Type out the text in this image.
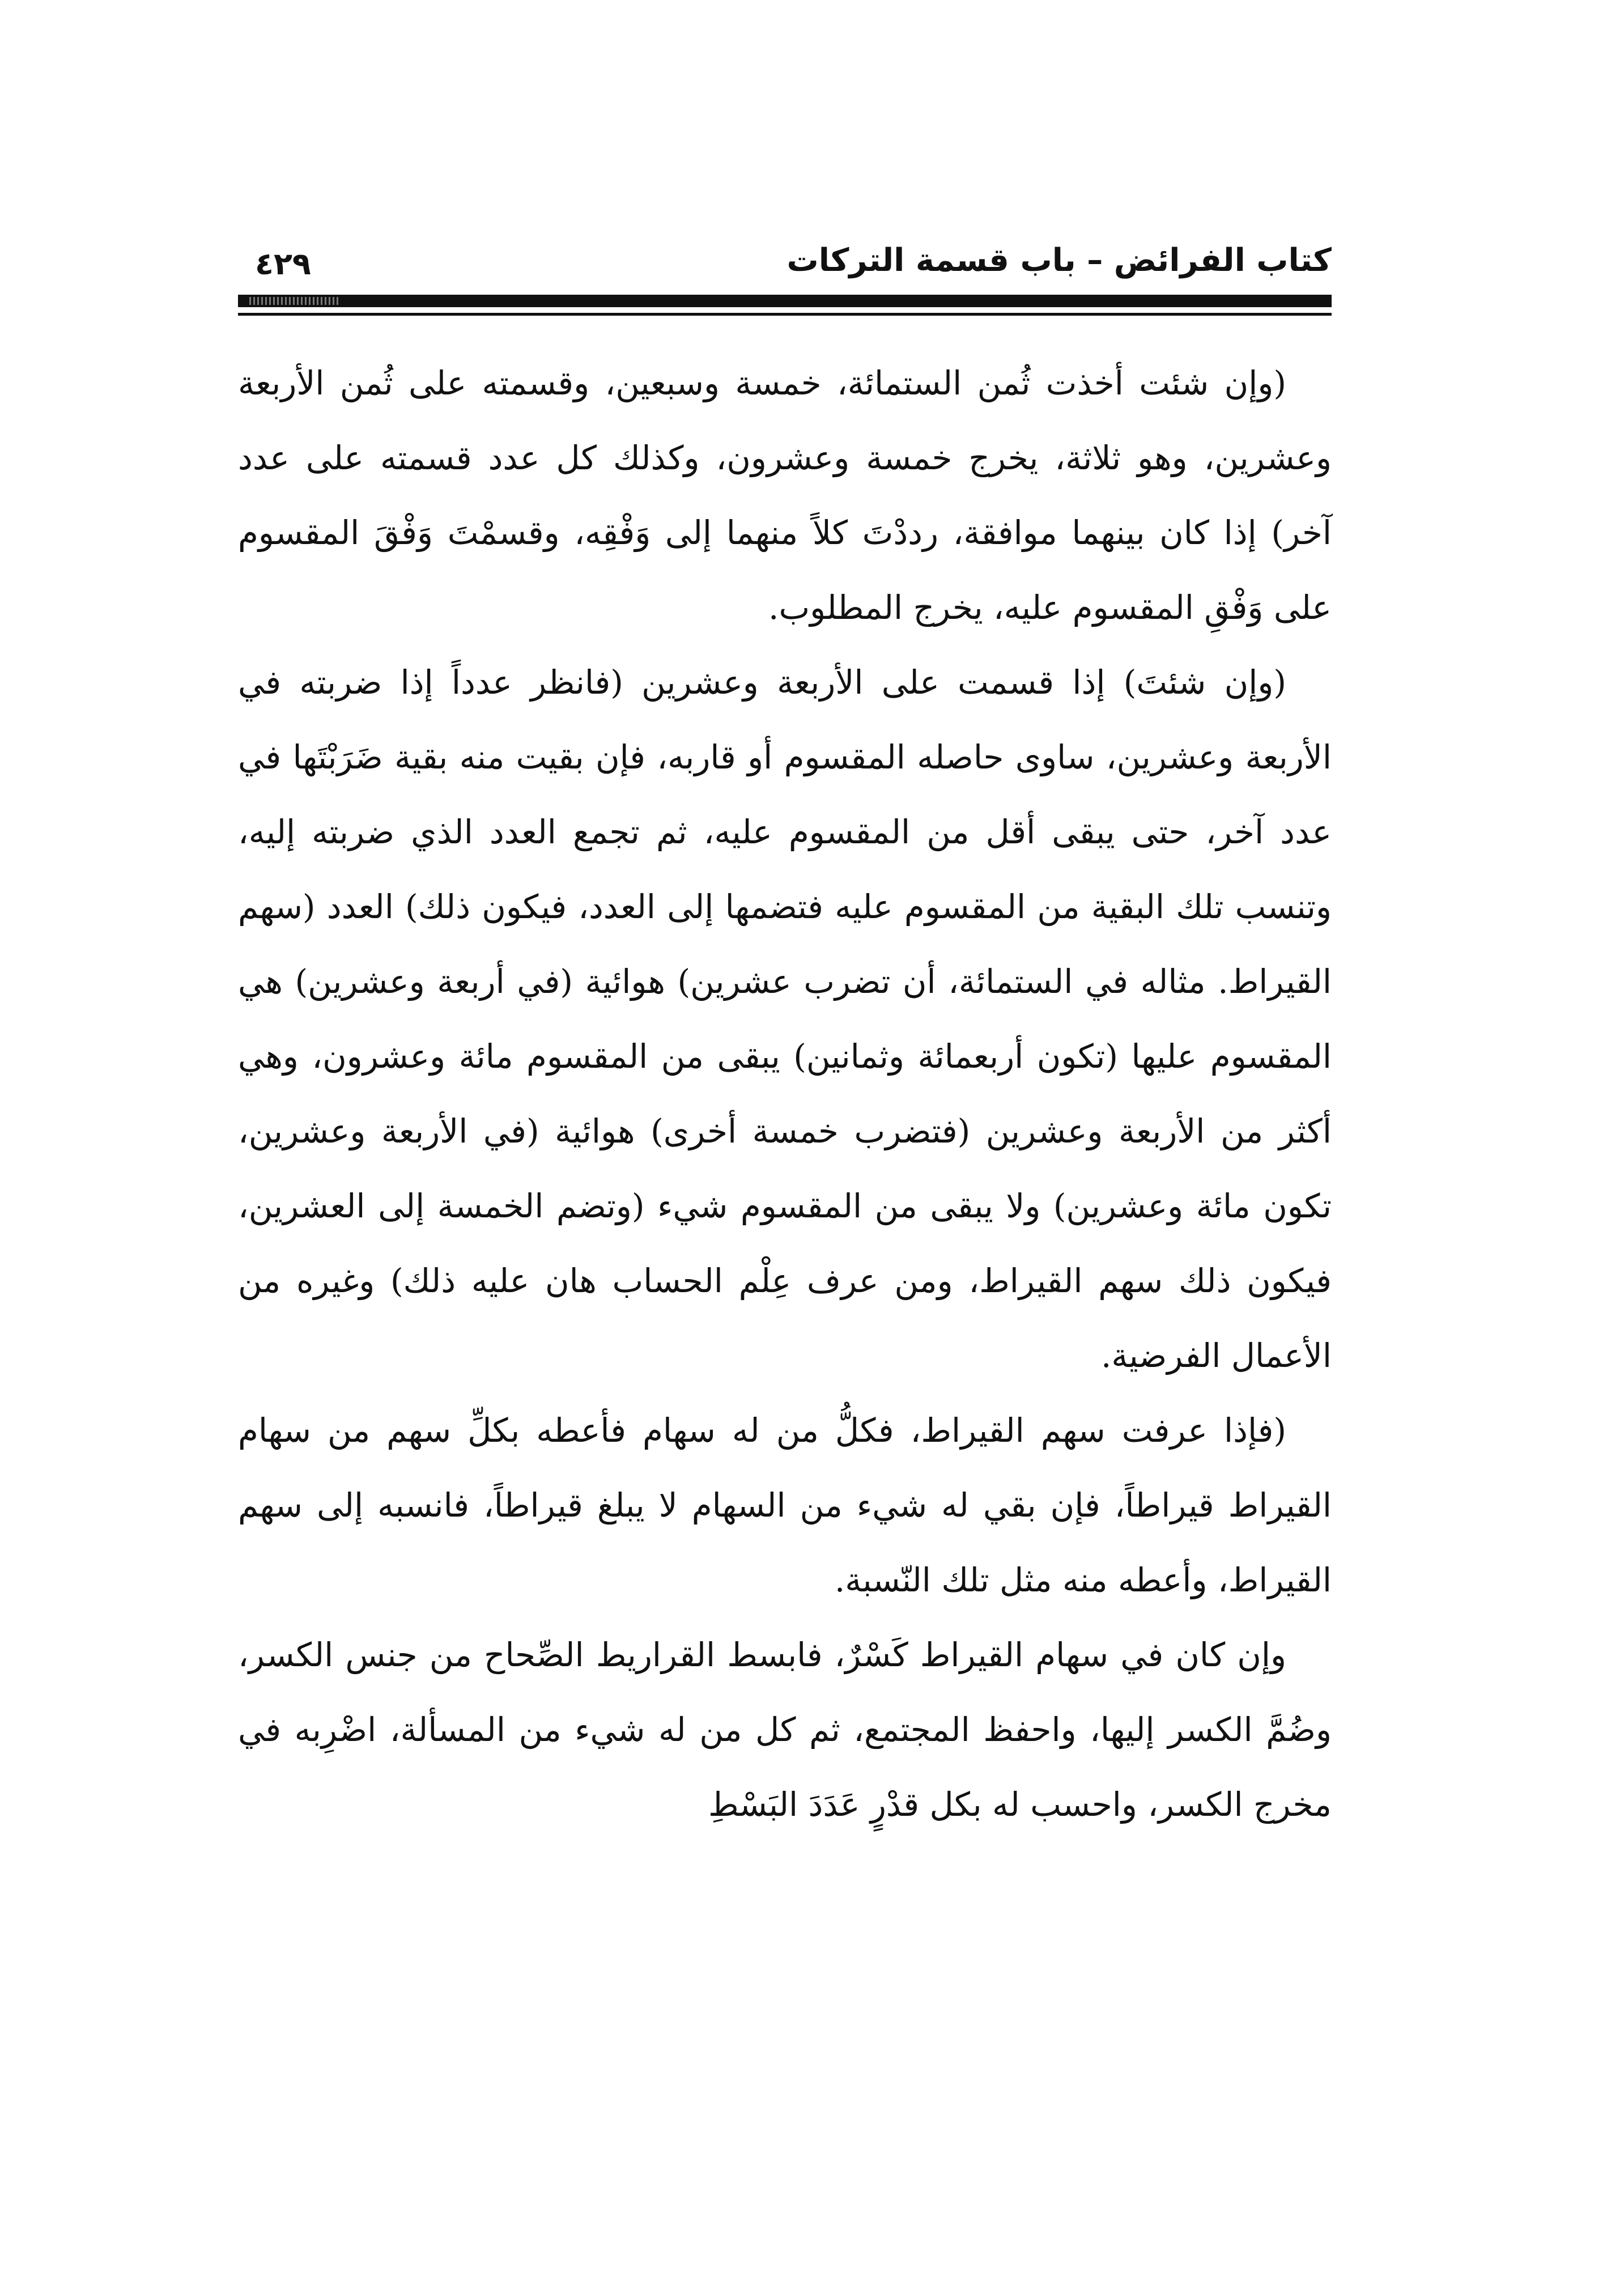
كتاب الفرائض – باب قسمة التركات
٤٢٩

(وإن شئت أخذت ثُمن الستمائة، خمسة وسبعين، وقسمته على ثُمن الأربعة وعشرين، وهو ثلاثة، يخرج خمسة وعشرون، وكذلك كل عدد قسمته على عدد آخر) إذا كان بينهما موافقة، رددْتَ كلاً منهما إلى وَفْقِه، وقسمْتَ وَفْقَ المقسوم على وَفْقِ المقسوم عليه، يخرج المطلوب.

(وإن شئتَ) إذا قسمت على الأربعة وعشرين (فانظر عدداً إذا ضربته في الأربعة وعشرين، ساوى حاصله المقسوم أو قاربه، فإن بقيت منه بقية ضَرَبْتَها في عدد آخر، حتى يبقى أقل من المقسوم عليه، ثم تجمع العدد الذي ضربته إليه، وتنسب تلك البقية من المقسوم عليه فتضمها إلى العدد، فيكون ذلك) العدد (سهم القيراط. مثاله في الستمائة، أن تضرب عشرين) هوائية (في أربعة وعشرين) هي المقسوم عليها (تكون أربعمائة وثمانين) يبقى من المقسوم مائة وعشرون، وهي أكثر من الأربعة وعشرين (فتضرب خمسة أخرى) هوائية (في الأربعة وعشرين، تكون مائة وعشرين) ولا يبقى من المقسوم شيء (وتضم الخمسة إلى العشرين، فيكون ذلك سهم القيراط، ومن عرف عِلْم الحساب هان عليه ذلك) وغيره من الأعمال الفرضية.

(فإذا عرفت سهم القيراط، فكلُّ من له سهام فأعطه بكلِّ سهم من سهام القيراط قيراطاً، فإن بقي له شيء من السهام لا يبلغ قيراطاً، فانسبه إلى سهم القيراط، وأعطه منه مثل تلك النّسبة.

وإن كان في سهام القيراط كَسْرٌ، فابسط القراريط الصِّحاح من جنس الكسر، وضُمَّ الكسر إليها، واحفظ المجتمع، ثم كل من له شيء من المسألة، اضْرِبه في مخرج الكسر، واحسب له بكل قدْرٍ عَدَدَ البَسْطِ
